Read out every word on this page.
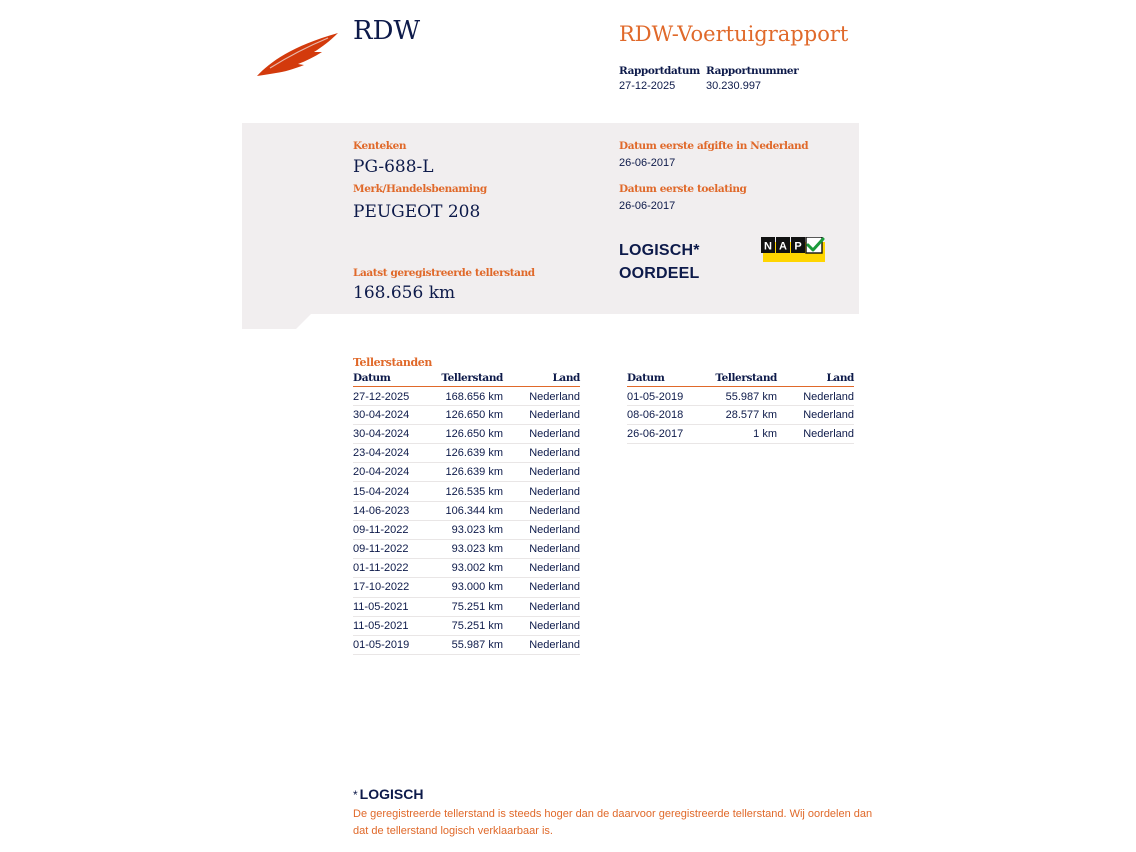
RDW	RDW-Voertuigrapport
Rapportdatum
27-12-2025
Rapportnummer
30.230.997
Kenteken
PG-688-L
Merk/Handelsbenaming
PEUGEOT 208
Datum eerste afgifte in Nederland
26-06-2017
Datum eerste toelating
26-06-2017
Laatst geregistreerde tellerstand
168.656 km
LOGISCH*
OORDEEL
N A P
Tellerstanden
Datum	Tellerstand	Land
27-12-2025	168.656 km	Nederland
30-04-2024	126.650 km	Nederland
30-04-2024	126.650 km	Nederland
23-04-2024	126.639 km	Nederland
20-04-2024	126.639 km	Nederland
15-04-2024	126.535 km	Nederland
14-06-2023	106.344 km	Nederland
09-11-2022	93.023 km	Nederland
09-11-2022	93.023 km	Nederland
01-11-2022	93.002 km	Nederland
17-10-2022	93.000 km	Nederland
11-05-2021	75.251 km	Nederland
11-05-2021	75.251 km	Nederland
01-05-2019	55.987 km	Nederland
Datum	Tellerstand	Land
01-05-2019	55.987 km	Nederland
08-06-2018	28.577 km	Nederland
26-06-2017	1 km	Nederland
* LOGISCH
De geregistreerde tellerstand is steeds hoger dan de daarvoor geregistreerde tellerstand. Wij oordelen dan dat de tellerstand logisch verklaarbaar is.
